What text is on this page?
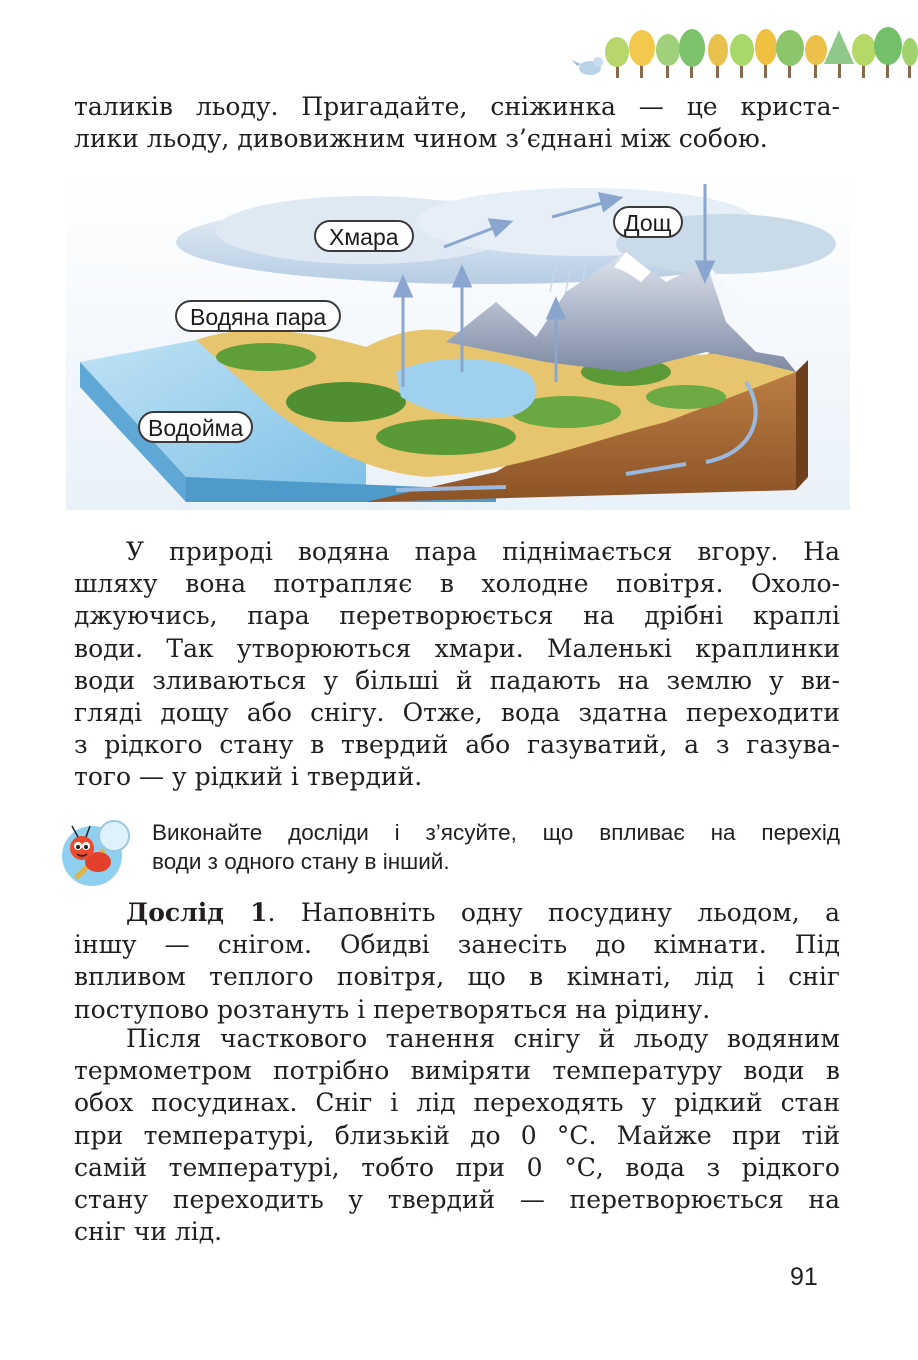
таликів льоду. Пригадайте, сніжинка — це криста-
лики льоду, дивовижним чином з’єднані між собою.

Хмара
Дощ
Водяна пара
Водойма

У природі водяна пара піднімається вгору. На
шляху вона потрапляє в холодне повітря. Охоло-
джуючись, пара перетворюється на дрібні краплі
води. Так утворюються хмари. Маленькі краплинки
води зливаються у більші й падають на землю у ви-
гляді дощу або снігу. Отже, вода здатна переходити
з рідкого стану в твердий або газуватий, а з газува-
того — у рідкий і твердий.

Виконайте досліди і з’ясуйте, що впливає на перехід
води з одного стану в інший.

Дослід 1. Наповніть одну посудину льодом, а
іншу — снігом. Обидві занесіть до кімнати. Під
впливом теплого повітря, що в кімнаті, лід і сніг
поступово розтануть і перетворяться на рідину.

Після часткового танення снігу й льоду водяним
термометром потрібно виміряти температуру води в
обох посудинах. Сніг і лід переходять у рідкий стан
при температурі, близькій до 0 °С. Майже при тій
самій температурі, тобто при 0 °С, вода з рідкого
стану переходить у твердий — перетворюється на
сніг чи лід.

91
